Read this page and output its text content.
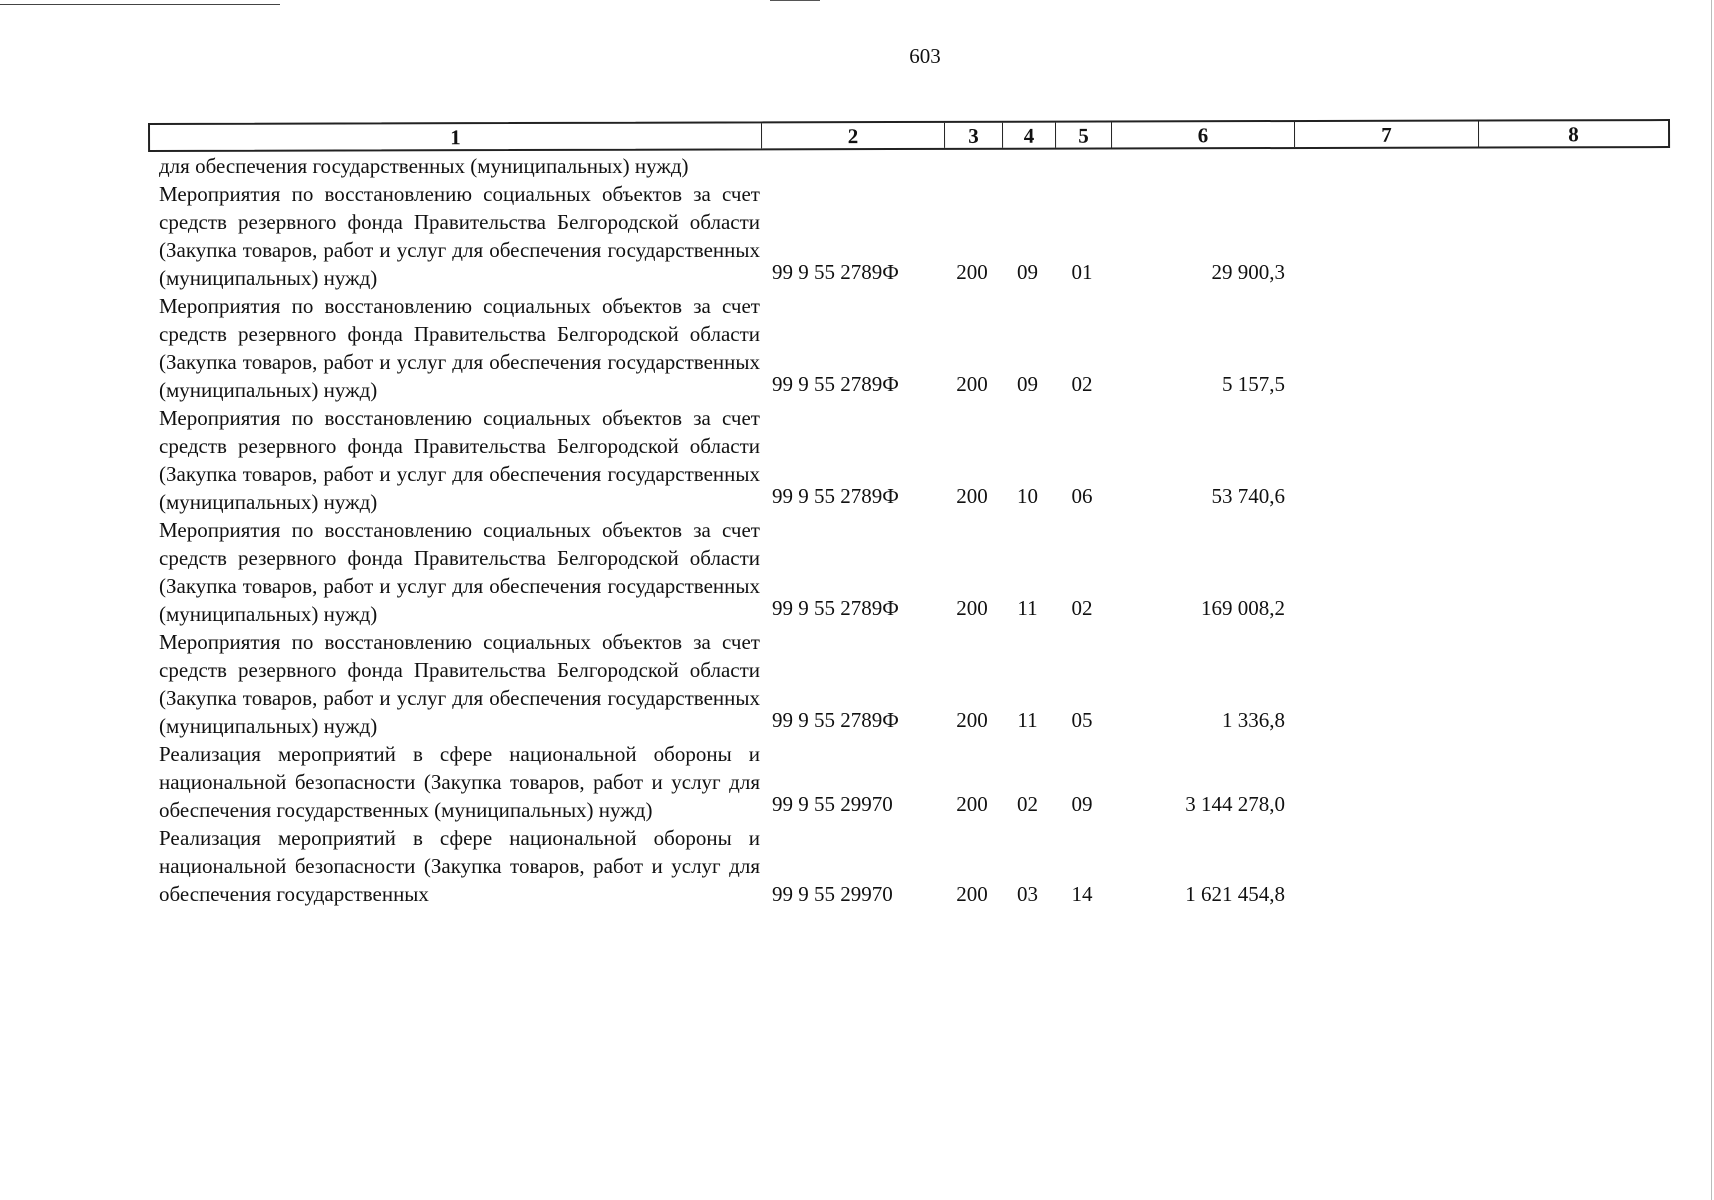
603
1	2	3	4	5	6	7	8
для обеспечения государственных (муниципальных) нужд)
Мероприятия по восстановлению социальных объектов за счет средств резервного фонда Правительства Белгородской области (Закупка товаров, работ и услуг для обеспечения государственных (муниципальных) нужд)	99 9 55 2789Ф	200	09	01	29 900,3
Мероприятия по восстановлению социальных объектов за счет средств резервного фонда Правительства Белгородской области (Закупка товаров, работ и услуг для обеспечения государственных (муниципальных) нужд)	99 9 55 2789Ф	200	09	02	5 157,5
Мероприятия по восстановлению социальных объектов за счет средств резервного фонда Правительства Белгородской области (Закупка товаров, работ и услуг для обеспечения государственных (муниципальных) нужд)	99 9 55 2789Ф	200	10	06	53 740,6
Мероприятия по восстановлению социальных объектов за счет средств резервного фонда Правительства Белгородской области (Закупка товаров, работ и услуг для обеспечения государственных (муниципальных) нужд)	99 9 55 2789Ф	200	11	02	169 008,2
Мероприятия по восстановлению социальных объектов за счет средств резервного фонда Правительства Белгородской области (Закупка товаров, работ и услуг для обеспечения государственных (муниципальных) нужд)	99 9 55 2789Ф	200	11	05	1 336,8
Реализация мероприятий в сфере национальной обороны и национальной безопасности (Закупка товаров, работ и услуг для обеспечения государственных (муниципальных) нужд)	99 9 55 29970	200	02	09	3 144 278,0
Реализация мероприятий в сфере национальной обороны и национальной безопасности (Закупка товаров, работ и услуг для обеспечения государственных	99 9 55 29970	200	03	14	1 621 454,8
